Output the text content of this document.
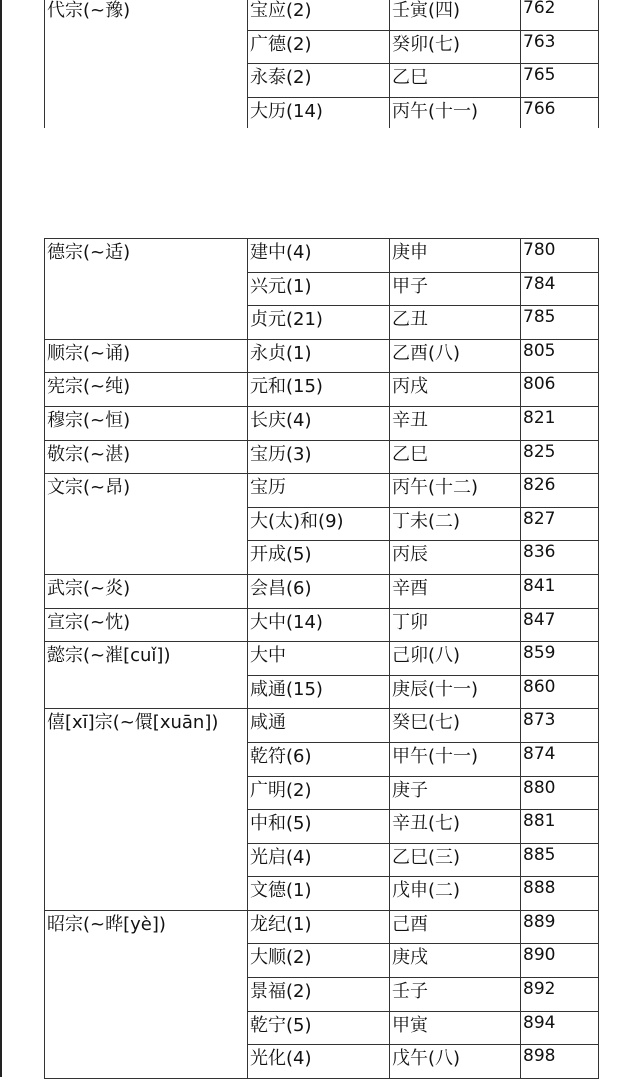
代宗(~豫)	宝应(2)	壬寅(四)	762
	广德(2)	癸卯(七)	763
	永泰(2)	乙巳	765
	大历(14)	丙午(十一)	766
德宗(~适)	建中(4)	庚申	780
	兴元(1)	甲子	784
	贞元(21)	乙丑	785
顺宗(~诵)	永贞(1)	乙酉(八)	805
宪宗(~纯)	元和(15)	丙戌	806
穆宗(~恒)	长庆(4)	辛丑	821
敬宗(~湛)	宝历(3)	乙巳	825
文宗(~昂)	宝历	丙午(十二)	826
	大(太)和(9)	丁未(二)	827
	开成(5)	丙辰	836
武宗(~炎)	会昌(6)	辛酉	841
宣宗(~忱)	大中(14)	丁卯	847
懿宗(~漼[cuǐ])	大中	己卯(八)	859
	咸通(15)	庚辰(十一)	860
僖[xī]宗(~儇[xuān])	咸通	癸巳(七)	873
	乾符(6)	甲午(十一)	874
	广明(2)	庚子	880
	中和(5)	辛丑(七)	881
	光启(4)	乙巳(三)	885
	文德(1)	戊申(二)	888
昭宗(~晔[yè])	龙纪(1)	己酉	889
	大顺(2)	庚戌	890
	景福(2)	壬子	892
	乾宁(5)	甲寅	894
	光化(4)	戊午(八)	898
